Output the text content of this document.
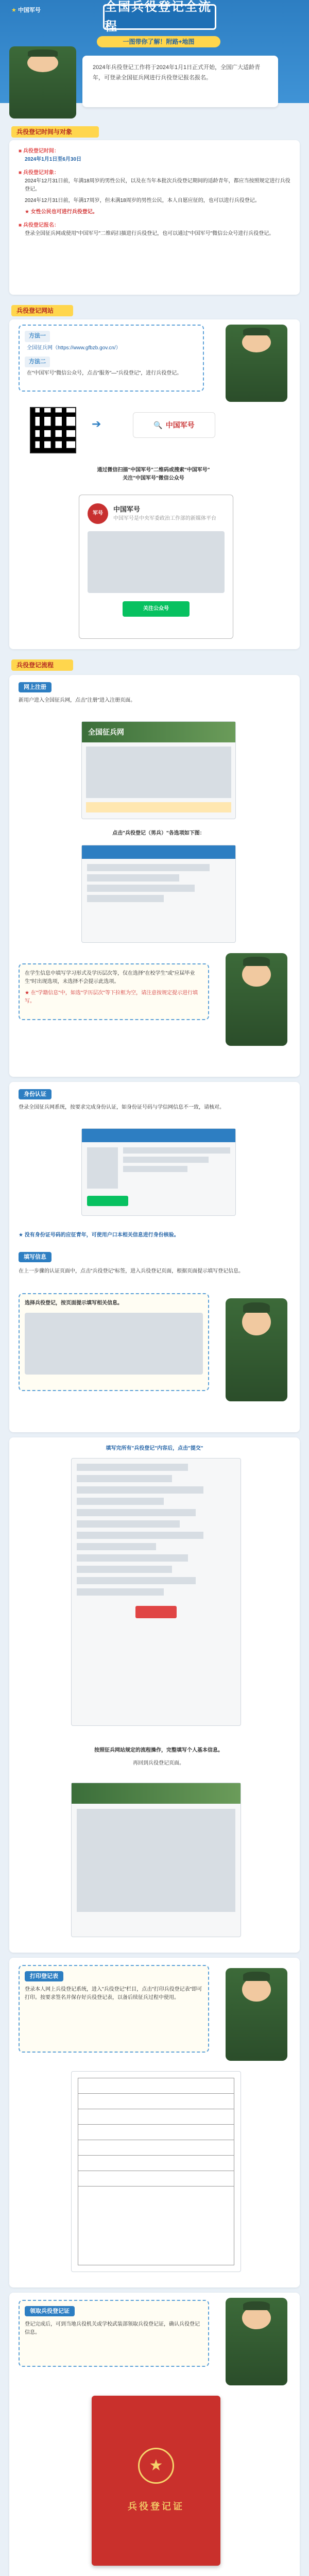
★ 中国军号	全国兵役登记全流程
一图带你了解！附路+地图
2024年兵役登记工作将于2024年1月1日正式开始，全国广大适龄青年，可登录全国征兵网进行兵役登记报名报名。
兵役登记时间与对象
■ 兵役登记时间：
2024年1月1日至6月30日
■ 兵役登记对象：
2024年12月31日前，年满18周岁的男性公民，以及在当年本批次兵役登记期间的适龄青年，都应当按照规定进行兵役登记。
2024年12月31日前，年满17周岁，但未满18周岁的男性公民，本人自愿应征的，也可以进行兵役登记。
★ 女性公民也可进行兵役登记。
■ 兵役登记报名：
登录全国征兵网或使用"中国军号"二维码扫描进行兵役登记，也可以通过"中国军号"微信公众号进行兵役登记。
兵役登记网站
方法一
全国征兵网（https://www.gfbzb.gov.cn/）
方法二
在"中国军号"微信公众号，点击"服务"—"兵役登记"，进行兵役登记。
➔	🔍 中国军号
通过微信扫描"中国军号"二维码或搜索"中国军号"
关注"中国军号"微信公众号
军号
中国军号
中国军号是中央军委政治工作部的新媒体平台
关注公众号
兵役登记流程
网上注册
新用户进入全国征兵网，点击"注册"进入注册页面。
全国征兵网
点击"兵役登记（男兵）"各选项如下图：
在学生信息中填写学习形式及学历层次等，仅在选择"在校学生"或"应届毕业生"时出现选项，未选择不会提示此选项。
★ 在"学籍信息"中，如选"学历层次"等下拉框为空，请注意按规定提示进行填写。
身份认证
登录全国征兵网系统，按要求完成身份认证，如身份证号码与学信网信息不一致，请核对。
★ 没有身份证号码的应征青年，可使用户口本相关信息进行身份核验。
填写信息
在上一步骤的认证页面中，点击"兵役登记"标签，进入兵役登记页面，根据页面提示填写登记信息。
选择兵役登记，按页面提示填写相关信息。
填写完所有"兵役登记"内容后，点击"提交"
按照征兵网站规定的流程操作，完整填写个人基本信息。
再回到兵役登记页面。
打印登记表
登录本人网上兵役登记系统，进入"兵役登记"栏目，点击"打印兵役登记表"即可打印。按要求签名并保存好兵役登记表，以备后续征兵过程中使用。
领取兵役登记证
登记完成后，可到当地兵役机关或学校武装部领取兵役登记证，确认兵役登记信息。
★
兵役登记证
